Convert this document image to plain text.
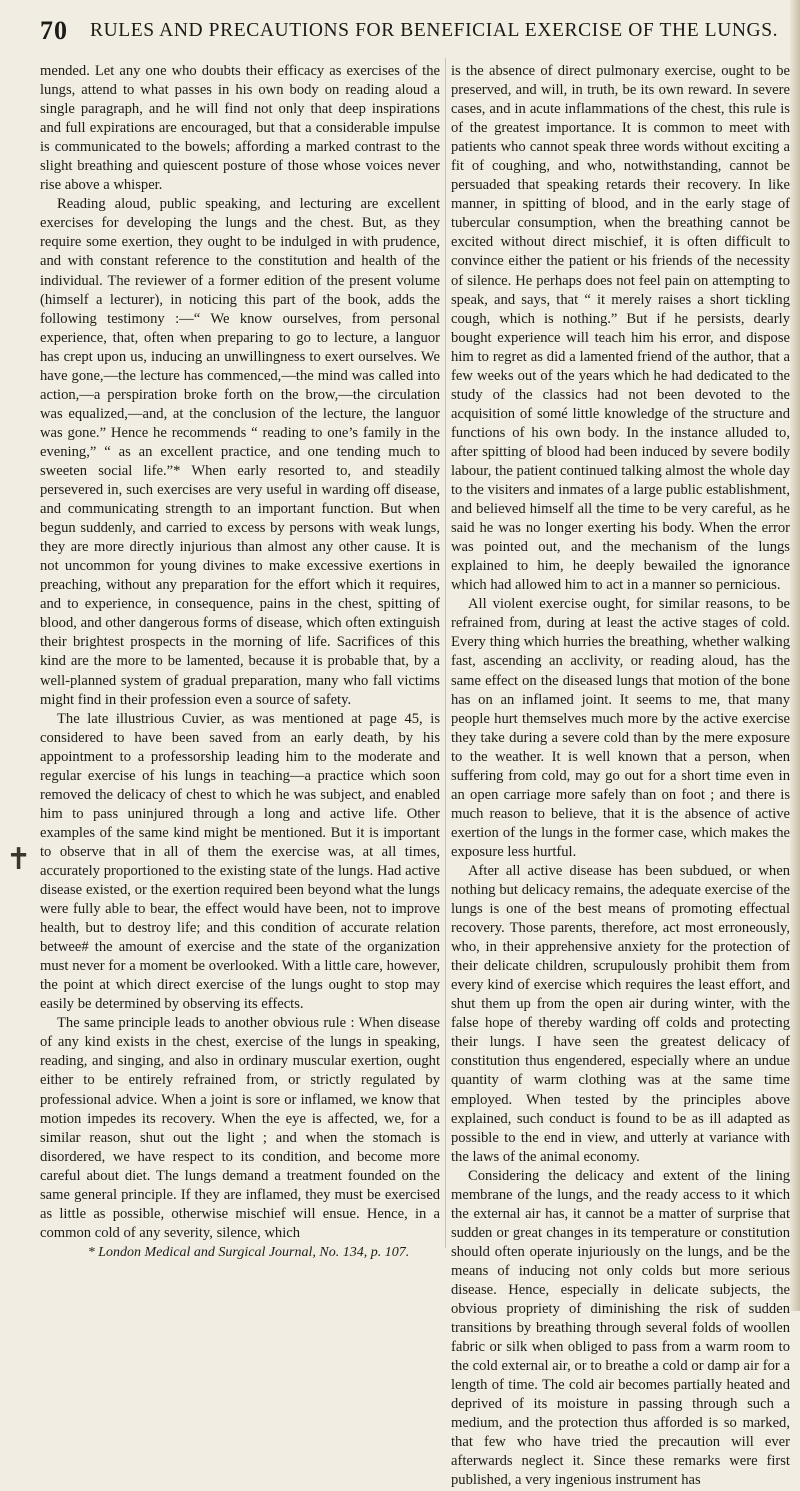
70 RULES AND PRECAUTIONS FOR BENEFICIAL EXERCISE OF THE LUNGS.

mended. Let any one who doubts their efficacy as exercises of the lungs, attend to what passes in his own body on reading aloud a single paragraph, and he will find not only that deep inspirations and full expirations are encouraged, but that a considerable impulse is communicated to the bowels; affording a marked contrast to the slight breathing and quiescent posture of those whose voices never rise above a whisper.

Reading aloud, public speaking, and lecturing are excellent exercises for developing the lungs and the chest. But, as they require some exertion, they ought to be indulged in with prudence, and with constant reference to the constitution and health of the individual. The reviewer of a former edition of the present volume (himself a lecturer), in noticing this part of the book, adds the following testimony :—“ We know ourselves, from personal experience, that, often when preparing to go to lecture, a languor has crept upon us, inducing an unwillingness to exert ourselves. We have gone,—the lecture has commenced,—the mind was called into action,—a perspiration broke forth on the brow,—the circulation was equalized,—and, at the conclusion of the lecture, the languor was gone.” Hence he recommends “ reading to one’s family in the evening,” “ as an excellent practice, and one tending much to sweeten social life.”* When early resorted to, and steadily persevered in, such exercises are very useful in warding off disease, and communicating strength to an important function. But when begun suddenly, and carried to excess by persons with weak lungs, they are more directly injurious than almost any other cause. It is not uncommon for young divines to make excessive exertions in preaching, without any preparation for the effort which it requires, and to experience, in consequence, pains in the chest, spitting of blood, and other dangerous forms of disease, which often extinguish their brightest prospects in the morning of life. Sacrifices of this kind are the more to be lamented, because it is probable that, by a well-planned system of gradual preparation, many who fall victims might find in their profession even a source of safety.

The late illustrious Cuvier, as was mentioned at page 45, is considered to have been saved from an early death, by his appointment to a professorship leading him to the moderate and regular exercise of his lungs in teaching—a practice which soon removed the delicacy of chest to which he was subject, and enabled him to pass uninjured through a long and active life. Other examples of the same kind might be mentioned. But it is important to observe that in all of them the exercise was, at all times, accurately proportioned to the existing state of the lungs. Had active disease existed, or the exertion required been beyond what the lungs were fully able to bear, the effect would have been, not to improve health, but to destroy life; and this condition of accurate relation betwee# the amount of exercise and the state of the organization must never for a moment be overlooked. With a little care, however, the point at which direct exercise of the lungs ought to stop may easily be determined by observing its effects.

The same principle leads to another obvious rule : When disease of any kind exists in the chest, exercise of the lungs in speaking, reading, and singing, and also in ordinary muscular exertion, ought either to be entirely refrained from, or strictly regulated by professional advice. When a joint is sore or inflamed, we know that motion impedes its recovery. When the eye is affected, we, for a similar reason, shut out the light ; and when the stomach is disordered, we have respect to its condition, and become more careful about diet. The lungs demand a treatment founded on the same general principle. If they are inflamed, they must be exercised as little as possible, otherwise mischief will ensue. Hence, in a common cold of any severity, silence, which

* London Medical and Surgical Journal, No. 134, p. 107.

is the absence of direct pulmonary exercise, ought to be preserved, and will, in truth, be its own reward. In severe cases, and in acute inflammations of the chest, this rule is of the greatest importance. It is common to meet with patients who cannot speak three words without exciting a fit of coughing, and who, notwithstanding, cannot be persuaded that speaking retards their recovery. In like manner, in spitting of blood, and in the early stage of tubercular consumption, when the breathing cannot be excited without direct mischief, it is often difficult to convince either the patient or his friends of the necessity of silence. He perhaps does not feel pain on attempting to speak, and says, that “ it merely raises a short tickling cough, which is nothing.” But if he persists, dearly bought experience will teach him his error, and dispose him to regret as did a lamented friend of the author, that a few weeks out of the years which he had dedicated to the study of the classics had not been devoted to the acquisition of somé little knowledge of the structure and functions of his own body. In the instance alluded to, after spitting of blood had been induced by severe bodily labour, the patient continued talking almost the whole day to the visiters and inmates of a large public establishment, and believed himself all the time to be very careful, as he said he was no longer exerting his body. When the error was pointed out, and the mechanism of the lungs explained to him, he deeply bewailed the ignorance which had allowed him to act in a manner so pernicious.

All violent exercise ought, for similar reasons, to be refrained from, during at least the active stages of cold. Every thing which hurries the breathing, whether walking fast, ascending an acclivity, or reading aloud, has the same effect on the diseased lungs that motion of the bone has on an inflamed joint. It seems to me, that many people hurt themselves much more by the active exercise they take during a severe cold than by the mere exposure to the weather. It is well known that a person, when suffering from cold, may go out for a short time even in an open carriage more safely than on foot ; and there is much reason to believe, that it is the absence of active exertion of the lungs in the former case, which makes the exposure less hurtful.

After all active disease has been subdued, or when nothing but delicacy remains, the adequate exercise of the lungs is one of the best means of promoting effectual recovery. Those parents, therefore, act most erroneously, who, in their apprehensive anxiety for the protection of their delicate children, scrupulously prohibit them from every kind of exercise which requires the least effort, and shut them up from the open air during winter, with the false hope of thereby warding off colds and protecting their lungs. I have seen the greatest delicacy of constitution thus engendered, especially where an undue quantity of warm clothing was at the same time employed. When tested by the principles above explained, such conduct is found to be as ill adapted as possible to the end in view, and utterly at variance with the laws of the animal economy.

Considering the delicacy and extent of the lining membrane of the lungs, and the ready access to it which the external air has, it cannot be a matter of surprise that sudden or great changes in its temperature or constitution should often operate injuriously on the lungs, and be the means of inducing not only colds but more serious disease. Hence, especially in delicate subjects, the obvious propriety of diminishing the risk of sudden transitions by breathing through several folds of woollen fabric or silk when obliged to pass from a warm room to the cold external air, or to breathe a cold or damp air for a length of time. The cold air becomes partially heated and deprived of its moisture in passing through such a medium, and the protection thus afforded is so marked, that few who have tried the precaution will ever afterwards neglect it. Since these remarks were first published, a very ingenious instrument has

✝
